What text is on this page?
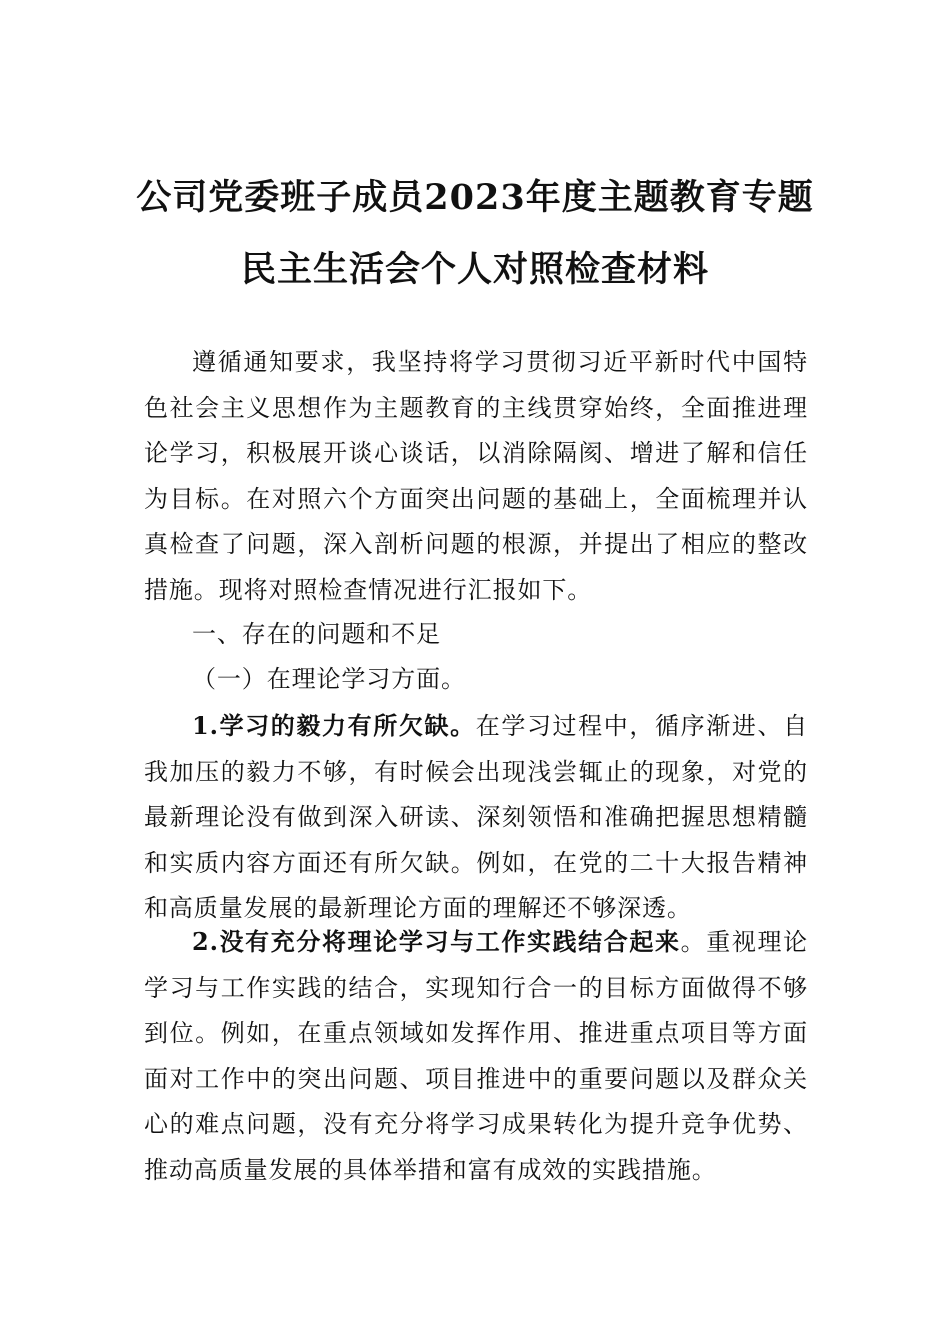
公司党委班子成员2023年度主题教育专题
民主生活会个人对照检查材料

遵循通知要求，我坚持将学习贯彻习近平新时代中国特色社会主义思想作为主题教育的主线贯穿始终，全面推进理论学习，积极展开谈心谈话，以消除隔阂、增进了解和信任为目标。在对照六个方面突出问题的基础上，全面梳理并认真检查了问题，深入剖析问题的根源，并提出了相应的整改措施。现将对照检查情况进行汇报如下。

一、存在的问题和不足

（一）在理论学习方面。

1.学习的毅力有所欠缺。在学习过程中，循序渐进、自我加压的毅力不够，有时候会出现浅尝辄止的现象，对党的最新理论没有做到深入研读、深刻领悟和准确把握思想精髓和实质内容方面还有所欠缺。例如，在党的二十大报告精神和高质量发展的最新理论方面的理解还不够深透。

2.没有充分将理论学习与工作实践结合起来。重视理论学习与工作实践的结合，实现知行合一的目标方面做得不够到位。例如，在重点领域如发挥作用、推进重点项目等方面面对工作中的突出问题、项目推进中的重要问题以及群众关心的难点问题，没有充分将学习成果转化为提升竞争优势、推动高质量发展的具体举措和富有成效的实践措施。
